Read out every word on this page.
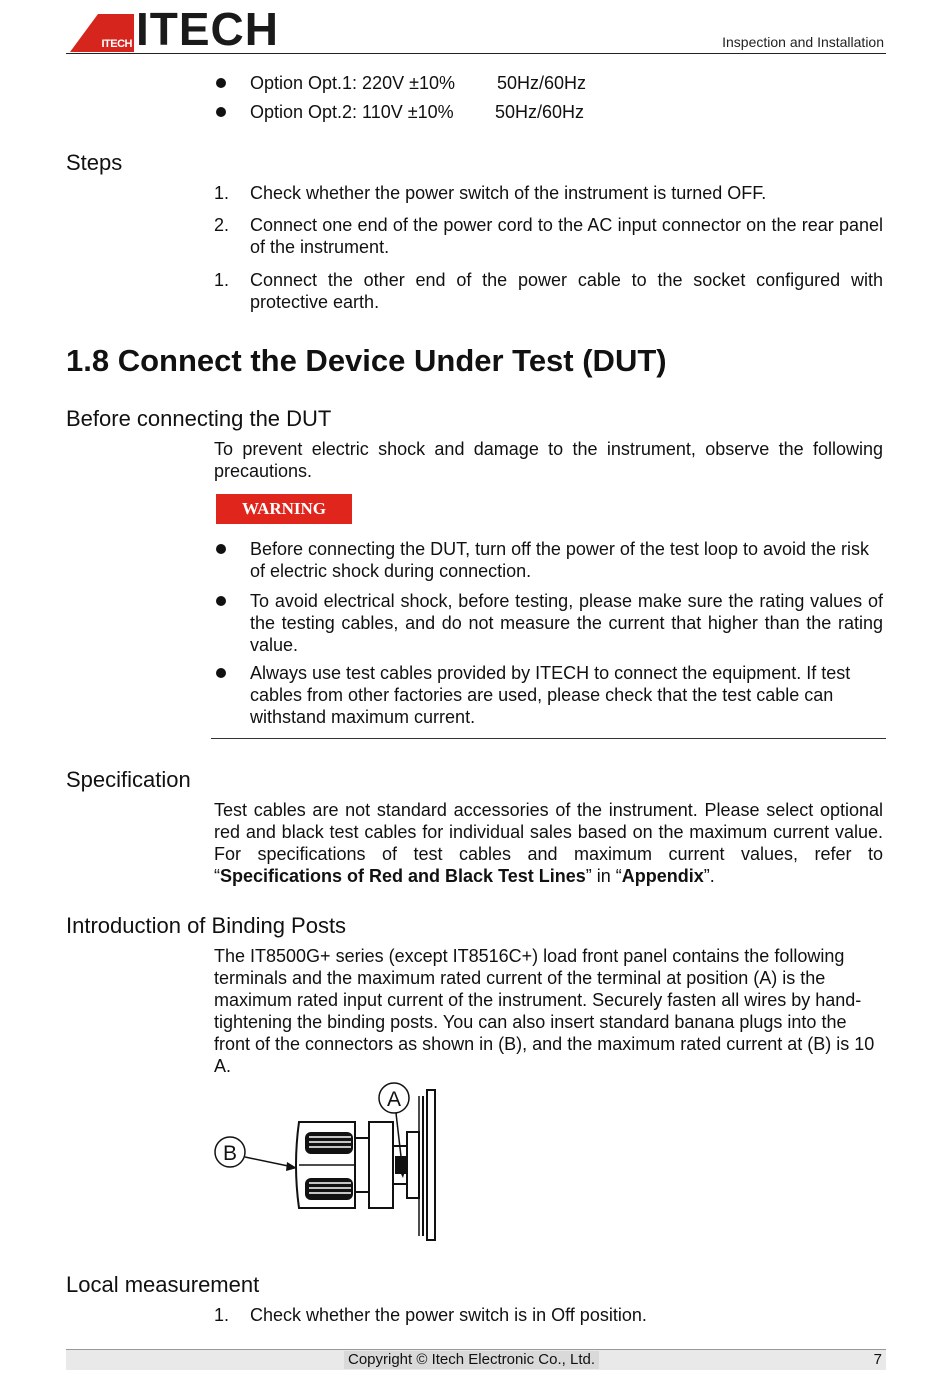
ITECH ITECH	Inspection and Installation
Option Opt.1: 220V ±10% 50Hz/60Hz
Option Opt.2: 110V ±10% 50Hz/60Hz
Steps
1. Check whether the power switch of the instrument is turned OFF.
2. Connect one end of the power cord to the AC input connector on the rear panel of the instrument.
1. Connect the other end of the power cable to the socket configured with protective earth.
1.8 Connect the Device Under Test (DUT)
Before connecting the DUT
To prevent electric shock and damage to the instrument, observe the following precautions.
WARNING
Before connecting the DUT, turn off the power of the test loop to avoid the risk of electric shock during connection.
To avoid electrical shock, before testing, please make sure the rating values of the testing cables, and do not measure the current that higher than the rating value.
Always use test cables provided by ITECH to connect the equipment. If test cables from other factories are used, please check that the test cable can withstand maximum current.
Specification
Test cables are not standard accessories of the instrument. Please select optional red and black test cables for individual sales based on the maximum current value. For specifications of test cables and maximum current values, refer to “Specifications of Red and Black Test Lines” in “Appendix”.
Introduction of Binding Posts
The IT8500G+ series (except IT8516C+) load front panel contains the following terminals and the maximum rated current of the terminal at position (A) is the maximum rated input current of the instrument. Securely fasten all wires by hand-tightening the binding posts. You can also insert standard banana plugs into the front of the connectors as shown in (B), and the maximum rated current at (B) is 10 A.
A
B
Local measurement
1. Check whether the power switch is in Off position.
Copyright © Itech Electronic Co., Ltd.	7
